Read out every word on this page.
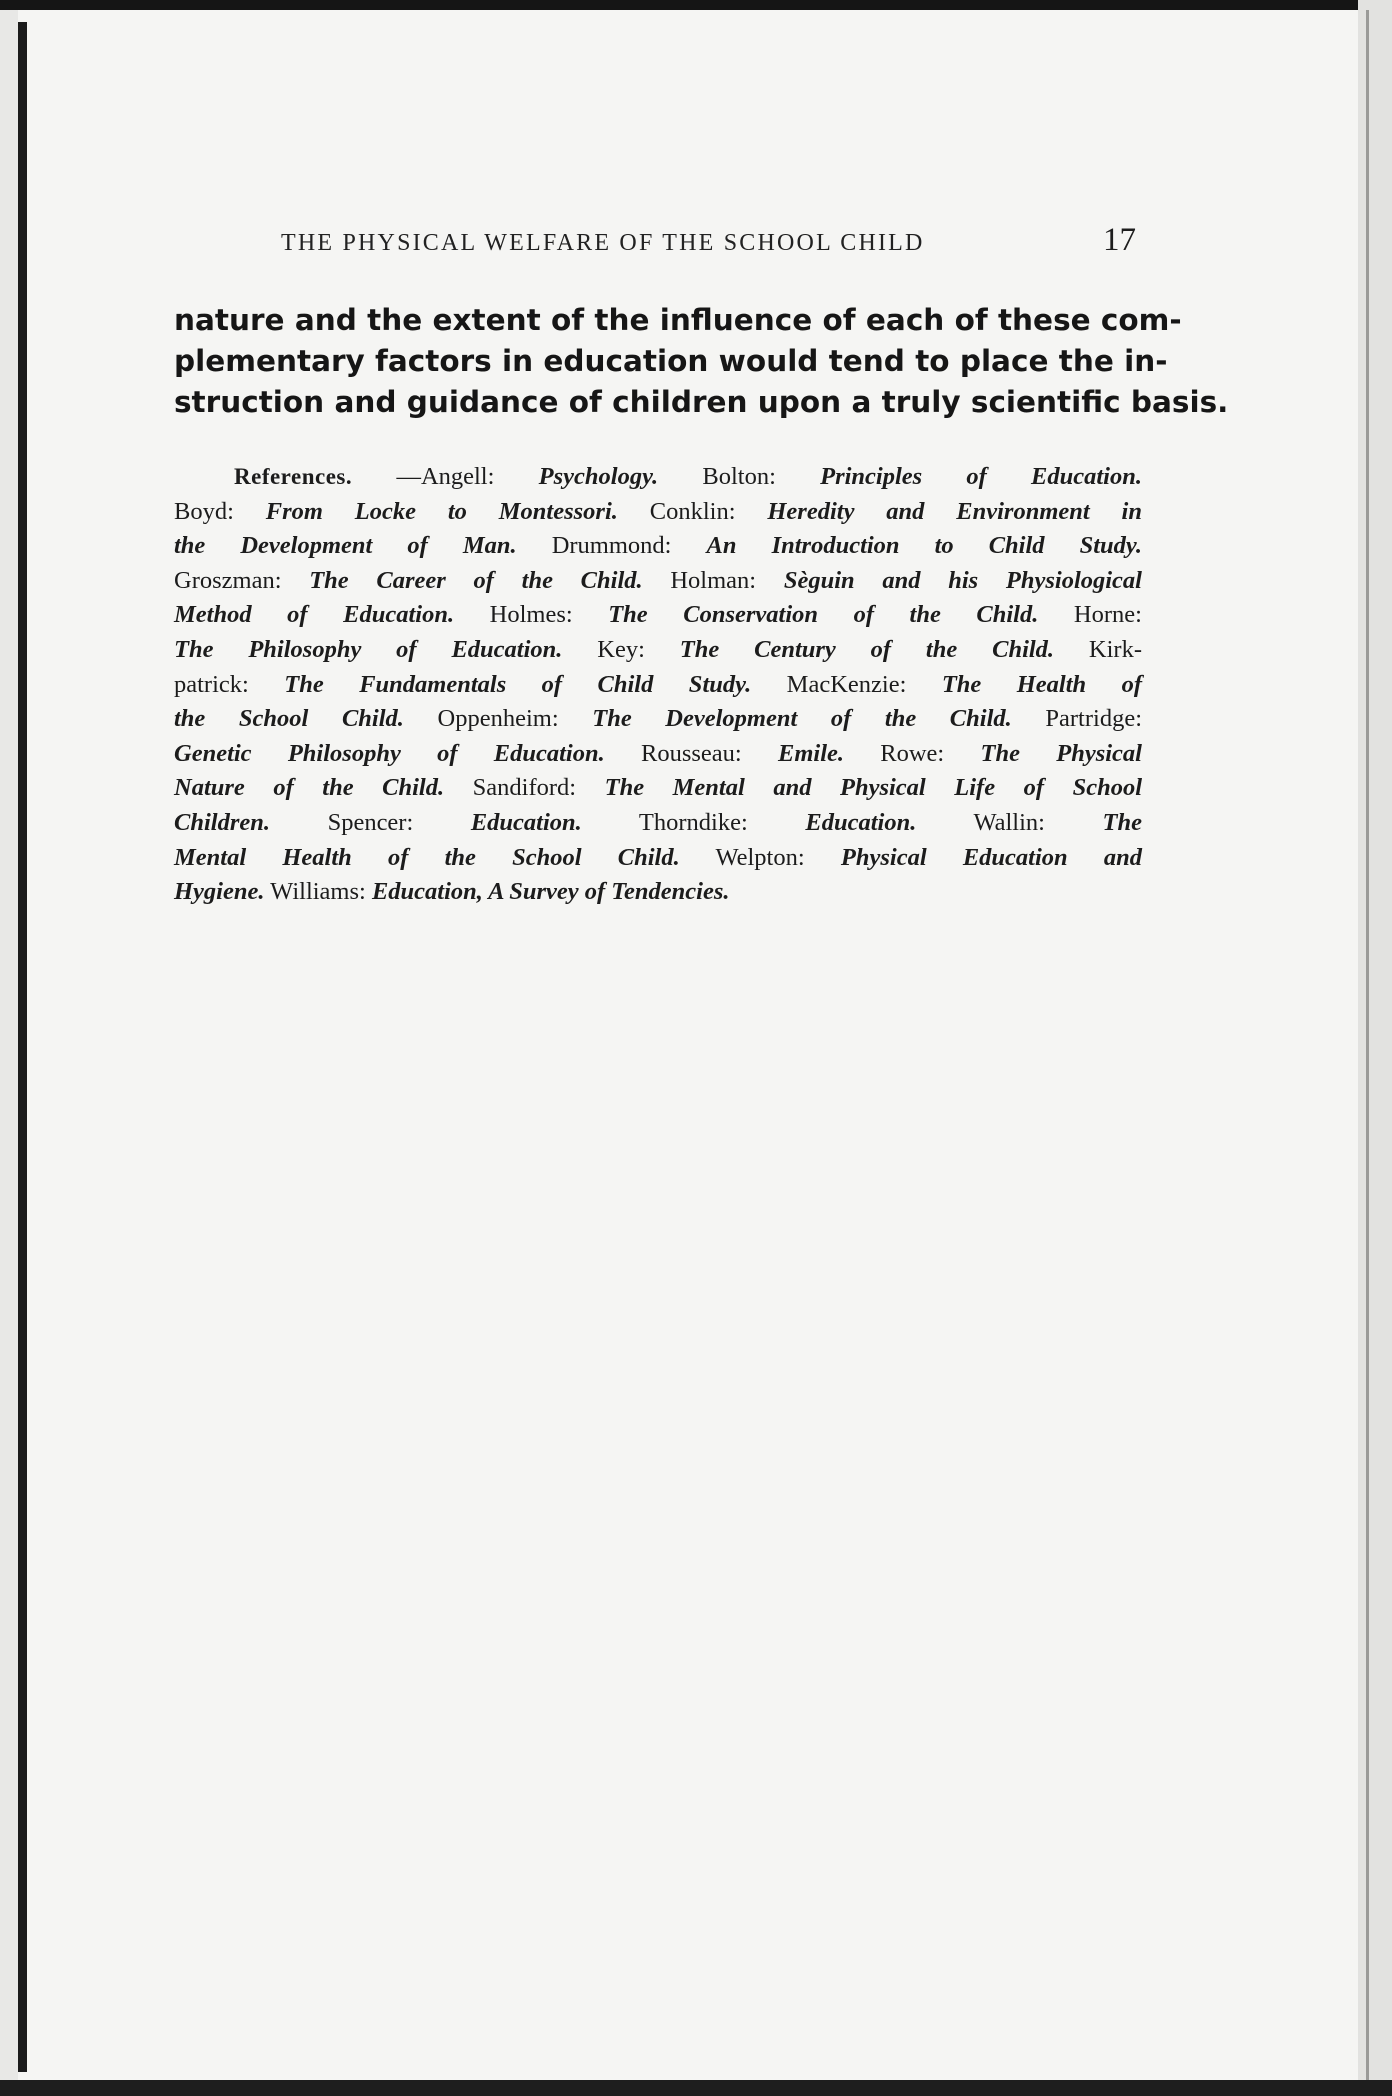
THE PHYSICAL WELFARE OF THE SCHOOL CHILD	17
nature and the extent of the influence of each of these com-
plementary factors in education would tend to place the in-
struction and guidance of children upon a truly scientific basis.
References. —Angell: Psychology. Bolton: Principles of Education.
Boyd: From Locke to Montessori. Conklin: Heredity and Environment in
the Development of Man. Drummond: An Introduction to Child Study.
Groszman: The Career of the Child. Holman: Sèguin and his Physiological
Method of Education. Holmes: The Conservation of the Child. Horne:
The Philosophy of Education. Key: The Century of the Child. Kirk-
patrick: The Fundamentals of Child Study. MacKenzie: The Health of
the School Child. Oppenheim: The Development of the Child. Partridge:
Genetic Philosophy of Education. Rousseau: Emile. Rowe: The Physical
Nature of the Child. Sandiford: The Mental and Physical Life of School
Children. Spencer: Education. Thorndike: Education. Wallin: The
Mental Health of the School Child. Welpton: Physical Education and
Hygiene. Williams: Education, A Survey of Tendencies.
